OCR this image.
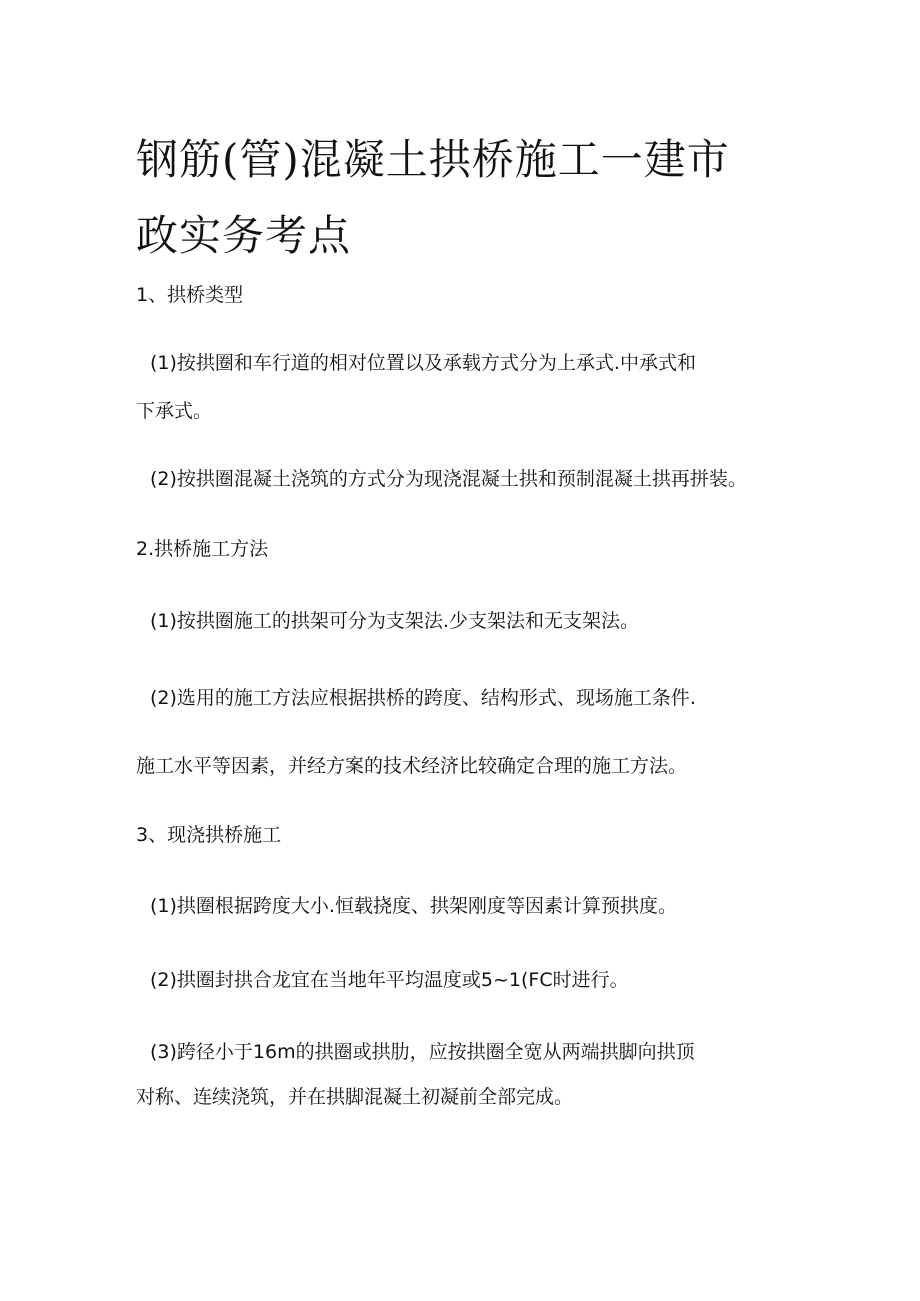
钢筋(管)混凝土拱桥施工一建市
政实务考点

1、拱桥类型

(1)按拱圈和车行道的相对位置以及承载方式分为上承式.中承式和

下承式。

(2)按拱圈混凝土浇筑的方式分为现浇混凝土拱和预制混凝土拱再拼装。

2.拱桥施工方法

(1)按拱圈施工的拱架可分为支架法.少支架法和无支架法。

(2)选用的施工方法应根据拱桥的跨度、结构形式、现场施工条件.

施工水平等因素，并经方案的技术经济比较确定合理的施工方法。

3、现浇拱桥施工

(1)拱圈根据跨度大小.恒载挠度、拱架刚度等因素计算预拱度。

(2)拱圈封拱合龙宜在当地年平均温度或5~1(FC时进行。

(3)跨径小于16m的拱圈或拱肋，应按拱圈全宽从两端拱脚向拱顶

对称、连续浇筑，并在拱脚混凝土初凝前全部完成。
